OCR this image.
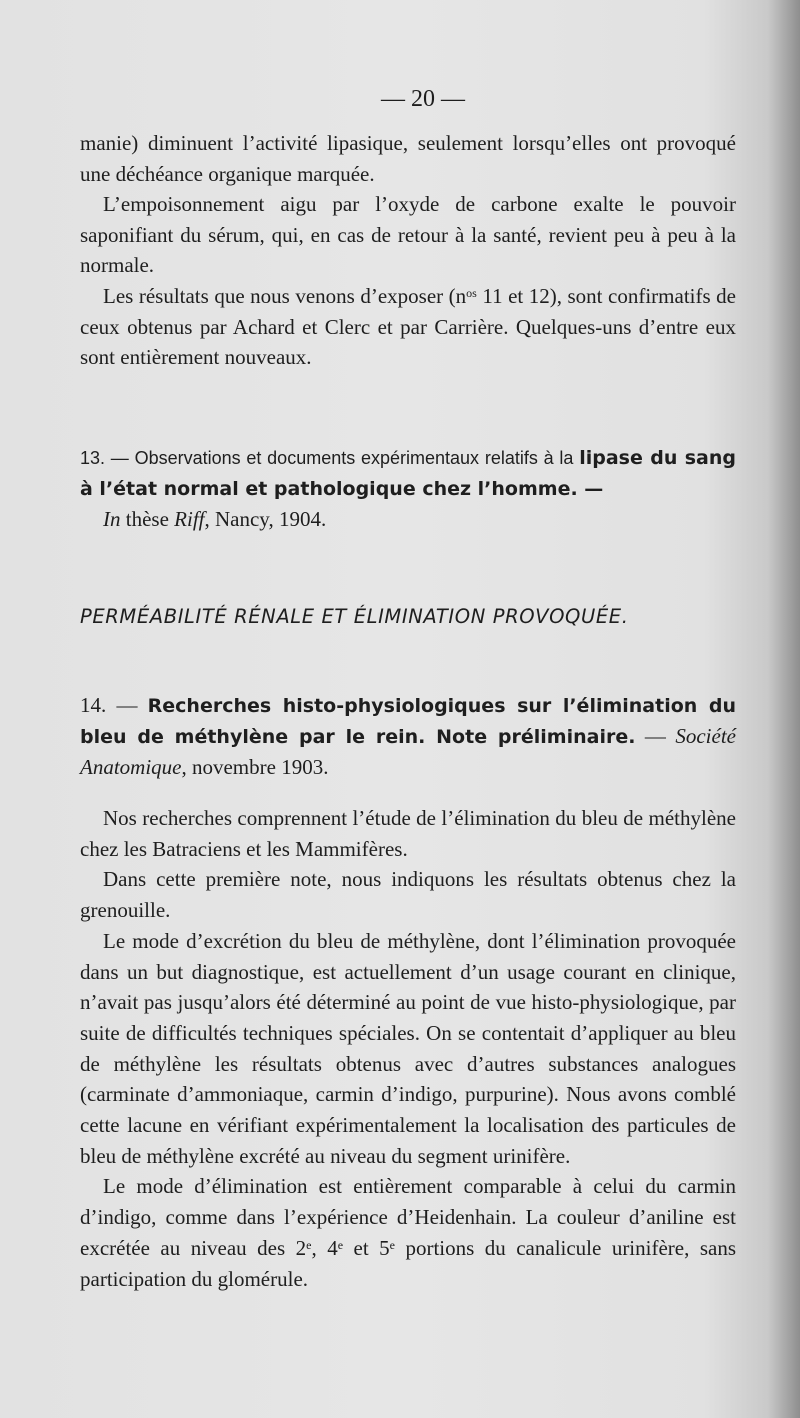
— 20 —

manie) diminuent l’activité lipasique, seulement lorsqu’elles ont provoqué une déchéance organique marquée.

L’empoisonnement aigu par l’oxyde de carbone exalte le pouvoir saponifiant du sérum, qui, en cas de retour à la santé, revient peu à peu à la normale.

Les résultats que nous venons d’exposer ($n^{os}$ 11 et 12), sont confirmatifs de ceux obtenus par Achard et Clerc et par Carrière. Quelques-uns d’entre eux sont entièrement nouveaux.

13. — Observations et documents expérimentaux relatifs à la lipase du sang à l’état normal et pathologique chez l’homme. —

In thèse Riff, Nancy, 1904.

PERMÉABILITÉ RÉNALE ET ÉLIMINATION PROVOQUÉE.

14. — Recherches histo-physiologiques sur l’élimination du bleu de méthylène par le rein. Note préliminaire. — Société Anatomique, novembre 1903.

Nos recherches comprennent l’étude de l’élimination du bleu de méthylène chez les Batraciens et les Mammifères.

Dans cette première note, nous indiquons les résultats obtenus chez la grenouille.

Le mode d’excrétion du bleu de méthylène, dont l’élimination provoquée dans un but diagnostique, est actuellement d’un usage courant en clinique, n’avait pas jusqu’alors été déterminé au point de vue histo-physiologique, par suite de difficultés techniques spéciales. On se contentait d’appliquer au bleu de méthylène les résultats obtenus avec d’autres substances analogues (carminate d’ammoniaque, carmin d’indigo, purpurine). Nous avons comblé cette lacune en vérifiant expérimentalement la localisation des particules de bleu de méthylène excrété au niveau du segment urinifère.

Le mode d’élimination est entièrement comparable à celui du carmin d’indigo, comme dans l’expérience d’Heidenhain. La couleur d’aniline est excrétée au niveau des 2e, 4e et 5e portions du canalicule urinifère, sans participation du glomérule.
